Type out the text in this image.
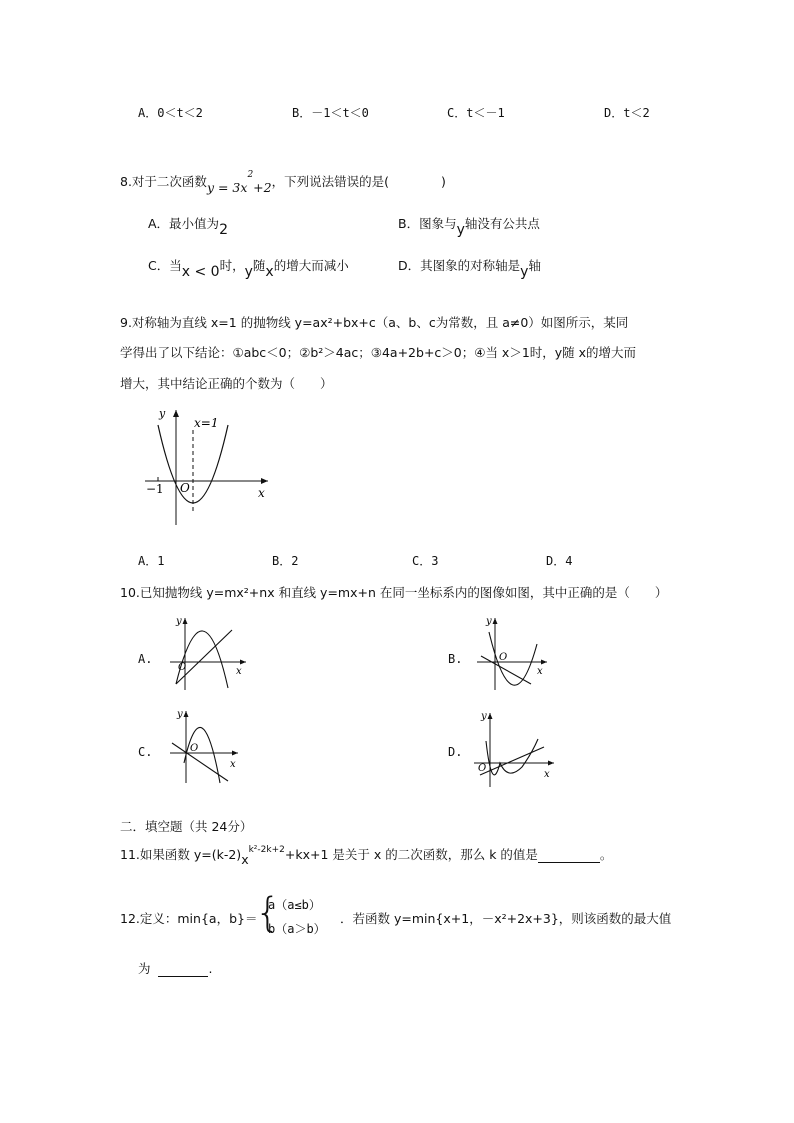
A．0＜t＜2	B．－1＜t＜0	C．t＜－1	D．t＜2
8.对于二次函数$y = 3x^2+2$，下列说法错误的是(	)
A．最小值为2	B．图象与y轴没有公共点
C．当x < 0时，y随x的增大而减小	D．其图象的对称轴是y轴
9.对称轴为直线 x=1 的抛物线 y=ax²+bx+c（a、b、c为常数，且 a≠0）如图所示，某同
学得出了以下结论：①abc＜0；②b²＞4ac；③4a+2b+c＞0；④当 x＞1时，y随 x的增大而
增大，其中结论正确的个数为（　　）
−1 O	x
y
x=1
A．1	B．2	C．3	D．4
10.已知抛物线 y=mx²+nx 和直线 y=mx+n 在同一坐标系内的图像如图，其中正确的是（　　）
A.
O	x
y
B.	O
x
y
C.	O
x
y
D.
O
x
y
二．填空题（共 24分）
11.如果函数 $y=(k-2)x^{k^2-2k+2}+kx+1$ 是关于 x 的二次函数，那么 k 的值是	。
12.定义：min{a，b}＝
{
a（a≤b）
b（a＞b）
．若函数 y=min{x+1，－x²+2x+3}，则该函数的最大值
为	.
